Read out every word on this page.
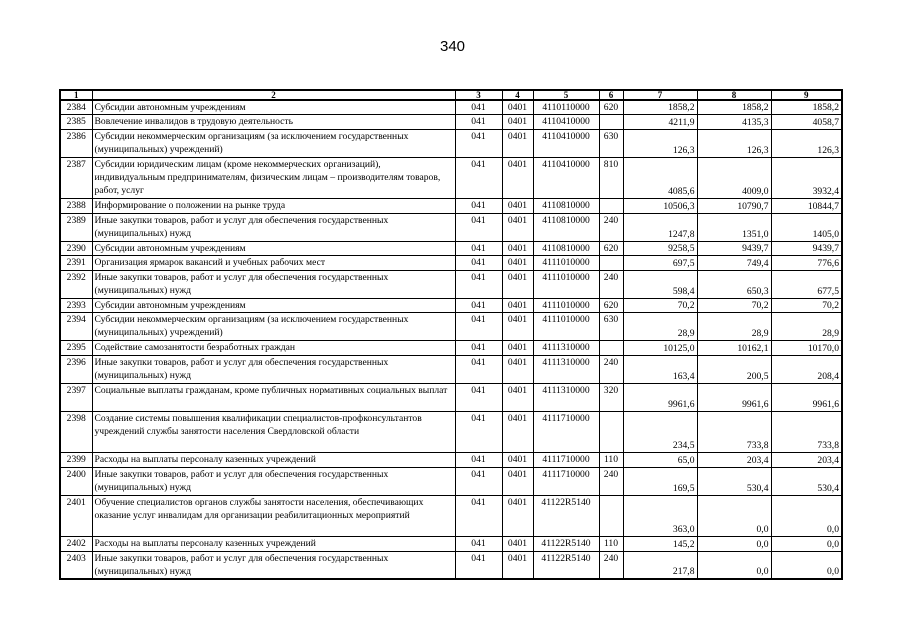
340
1	2	3	4	5	6	7	8	9
2384	Субсидии автономным учреждениям	041	0401	4110110000	620	1858,2	1858,2	1858,2
2385	Вовлечение инвалидов в трудовую деятельность	041	0401	4110410000		4211,9	4135,3	4058,7
2386	Субсидии некоммерческим организациям (за исключением государственных (муниципальных) учреждений)	041	0401	4110410000	630	126,3	126,3	126,3
2387	Субсидии юридическим лицам (кроме некоммерческих организаций), индивидуальным предпринимателям, физическим лицам – производителям товаров, работ, услуг	041	0401	4110410000	810	4085,6	4009,0	3932,4
2388	Информирование о положении на рынке труда	041	0401	4110810000		10506,3	10790,7	10844,7
2389	Иные закупки товаров, работ и услуг для обеспечения государственных (муниципальных) нужд	041	0401	4110810000	240	1247,8	1351,0	1405,0
2390	Субсидии автономным учреждениям	041	0401	4110810000	620	9258,5	9439,7	9439,7
2391	Организация ярмарок вакансий и учебных рабочих мест	041	0401	4111010000		697,5	749,4	776,6
2392	Иные закупки товаров, работ и услуг для обеспечения государственных (муниципальных) нужд	041	0401	4111010000	240	598,4	650,3	677,5
2393	Субсидии автономным учреждениям	041	0401	4111010000	620	70,2	70,2	70,2
2394	Субсидии некоммерческим организациям (за исключением государственных (муниципальных) учреждений)	041	0401	4111010000	630	28,9	28,9	28,9
2395	Содействие самозанятости безработных граждан	041	0401	4111310000		10125,0	10162,1	10170,0
2396	Иные закупки товаров, работ и услуг для обеспечения государственных (муниципальных) нужд	041	0401	4111310000	240	163,4	200,5	208,4
2397	Социальные выплаты гражданам, кроме публичных нормативных социальных выплат	041	0401	4111310000	320	9961,6	9961,6	9961,6
2398	Создание системы повышения квалификации специалистов-профконсультантов учреждений службы занятости населения Свердловской области	041	0401	4111710000		234,5	733,8	733,8
2399	Расходы на выплаты персоналу казенных учреждений	041	0401	4111710000	110	65,0	203,4	203,4
2400	Иные закупки товаров, работ и услуг для обеспечения государственных (муниципальных) нужд	041	0401	4111710000	240	169,5	530,4	530,4
2401	Обучение специалистов органов службы занятости населения, обеспечивающих оказание услуг инвалидам для организации реабилитационных мероприятий	041	0401	41122R5140		363,0	0,0	0,0
2402	Расходы на выплаты персоналу казенных учреждений	041	0401	41122R5140	110	145,2	0,0	0,0
2403	Иные закупки товаров, работ и услуг для обеспечения государственных (муниципальных) нужд	041	0401	41122R5140	240	217,8	0,0	0,0
